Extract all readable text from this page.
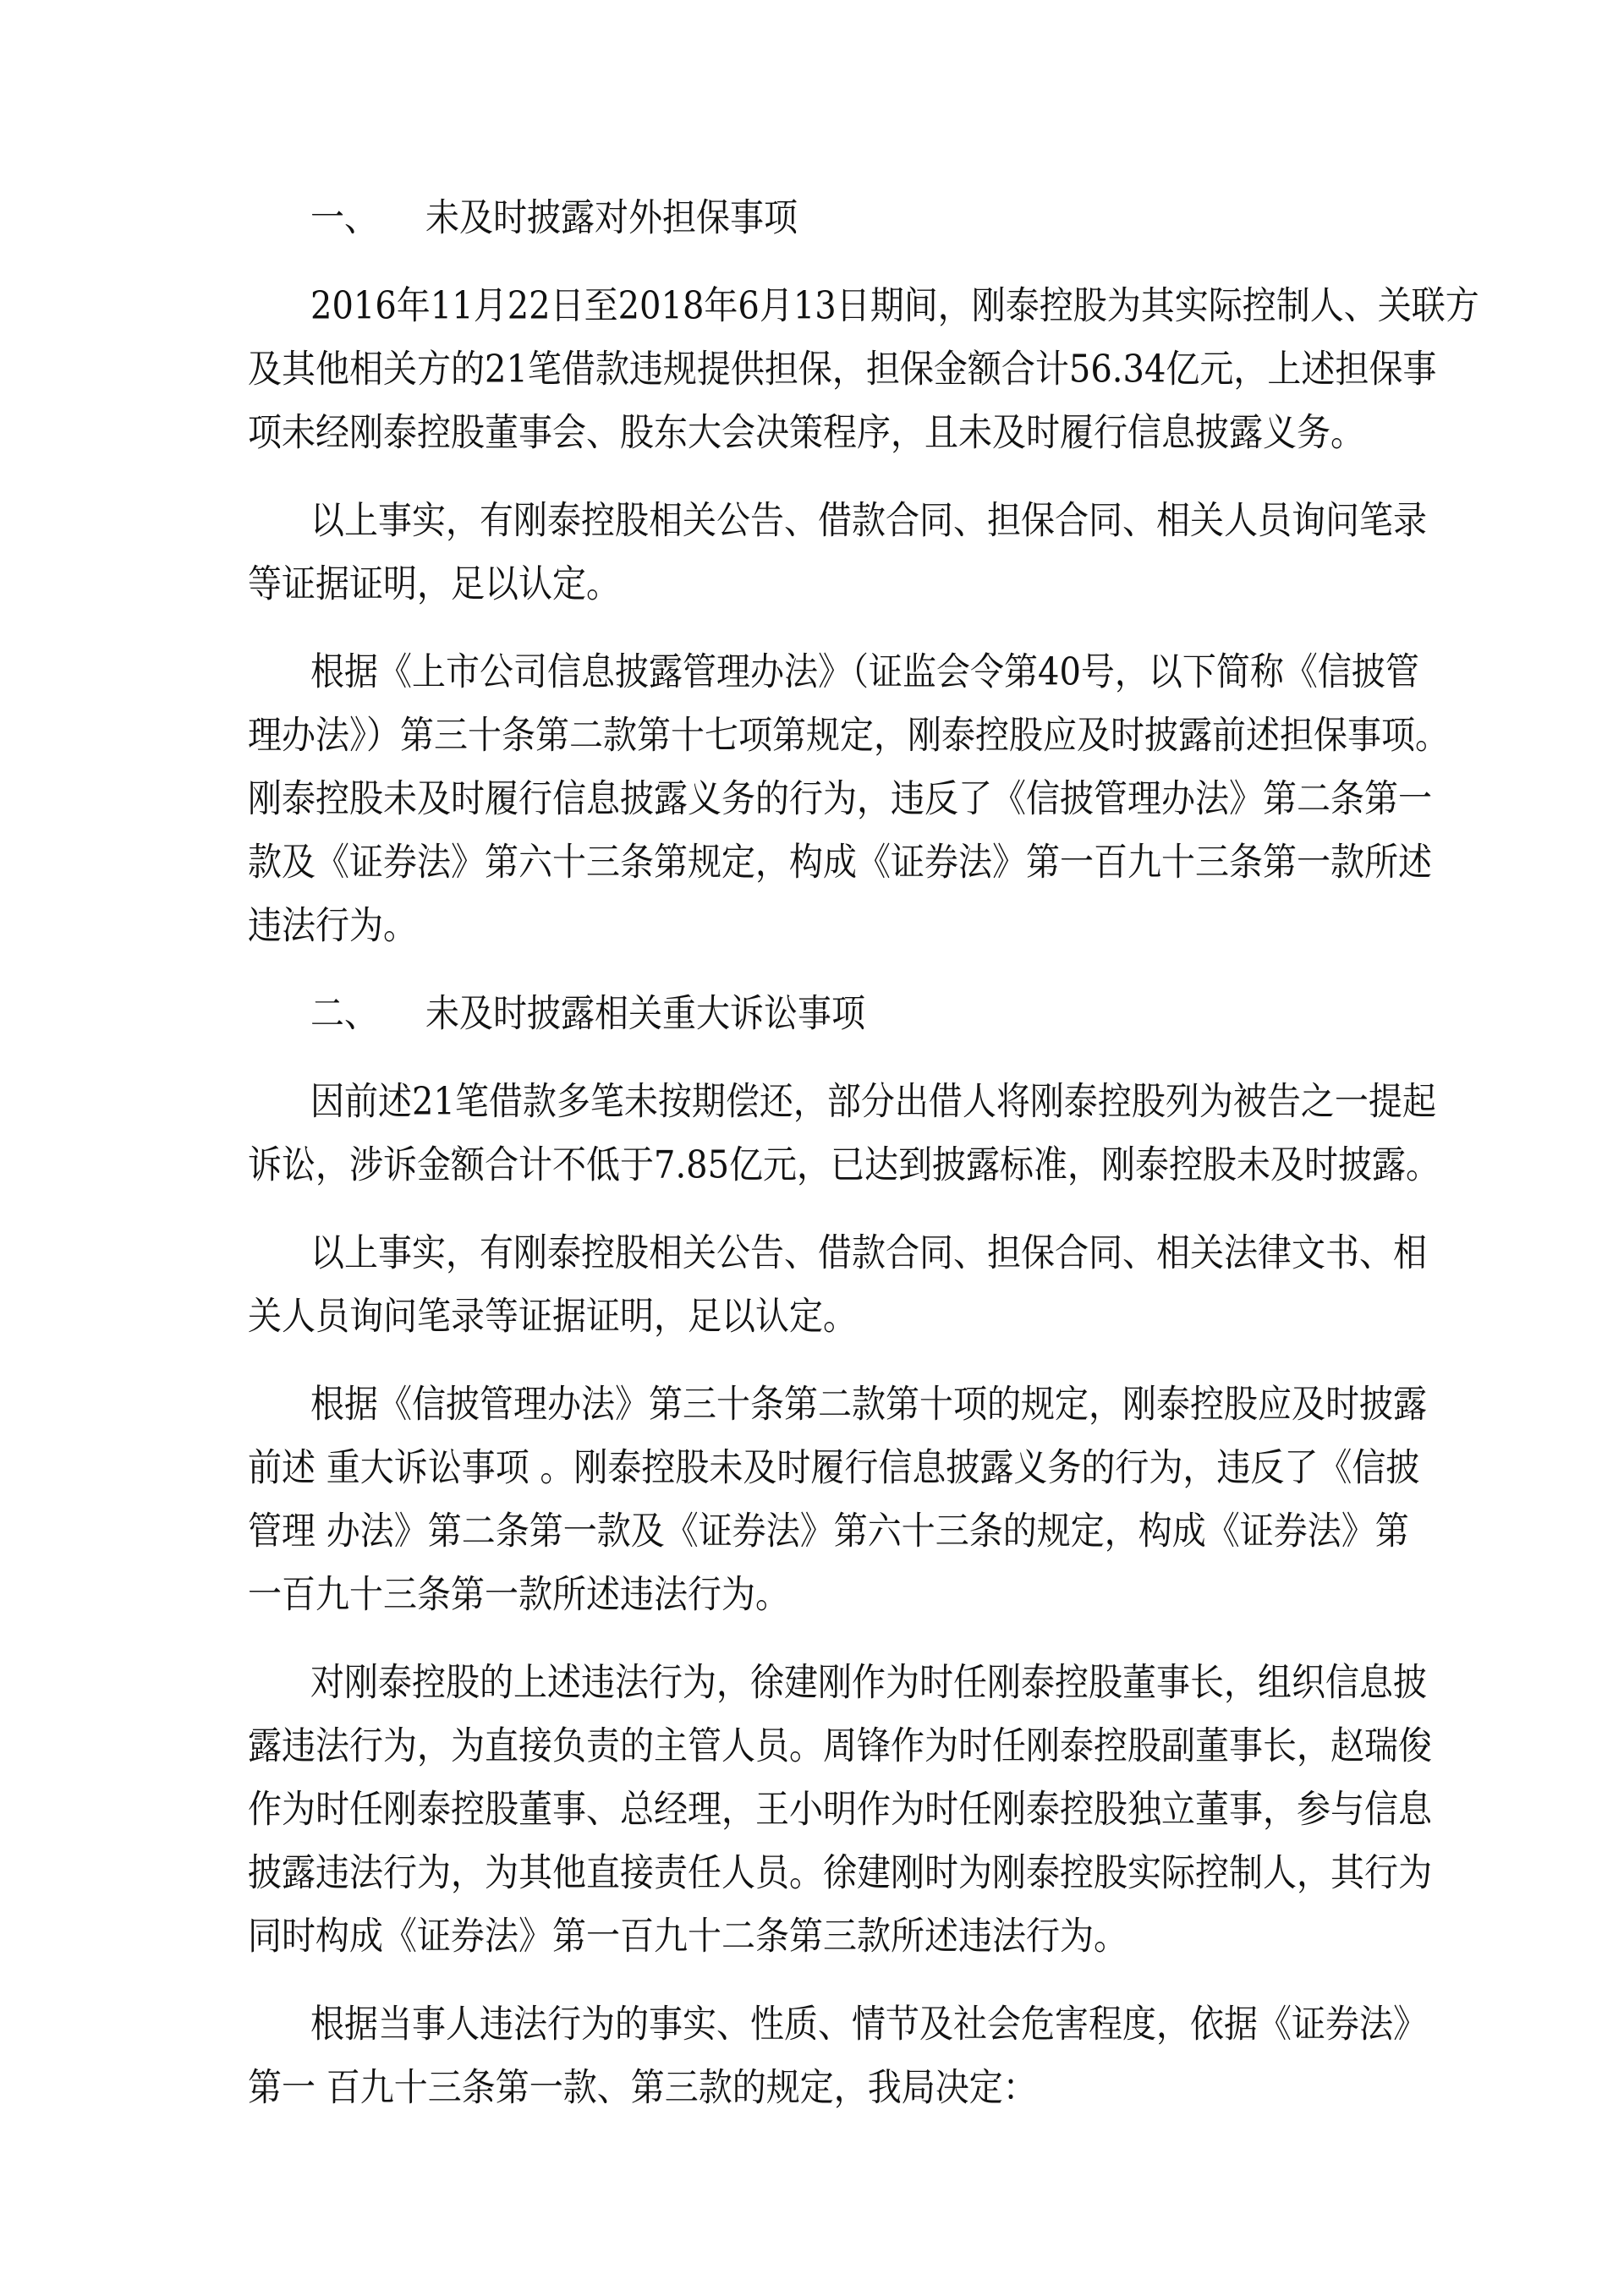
一、	未及时披露对外担保事项
2016年11月22日至2018年6月13日期间，刚泰控股为其实际控制人、关联方
及其他相关方的21笔借款违规提供担保，担保金额合计56.34亿元，上述担保事
项未经刚泰控股董事会、股东大会决策程序，且未及时履行信息披露义务。
以上事实，有刚泰控股相关公告、借款合同、担保合同、相关人员询问笔录
等证据证明，足以认定。
根据《上市公司信息披露管理办法》（证监会令第40号，以下简称《信披管
理办法》）第三十条第二款第十七项第规定，刚泰控股应及时披露前述担保事项。
刚泰控股未及时履行信息披露义务的行为，违反了《信披管理办法》第二条第一
款及《证券法》第六十三条第规定，构成《证券法》第一百九十三条第一款所述
违法行为。
二、	未及时披露相关重大诉讼事项
因前述21笔借款多笔未按期偿还，部分出借人将刚泰控股列为被告之一提起
诉讼，涉诉金额合计不低于7.85亿元，已达到披露标准，刚泰控股未及时披露。
以上事实，有刚泰控股相关公告、借款合同、担保合同、相关法律文书、相
关人员询问笔录等证据证明，足以认定。
根据《信披管理办法》第三十条第二款第十项的规定，刚泰控股应及时披露
前述 重大诉讼事项 。刚泰控股未及时履行信息披露义务的行为，违反了《信披
管理 办法》第二条第一款及《证券法》第六十三条的规定，构成《证券法》第
一百九十三条第一款所述违法行为。
对刚泰控股的上述违法行为，徐建刚作为时任刚泰控股董事长，组织信息披
露违法行为，为直接负责的主管人员。周锋作为时任刚泰控股副董事长，赵瑞俊
作为时任刚泰控股董事、总经理，王小明作为时任刚泰控股独立董事，参与信息
披露违法行为，为其他直接责任人员。徐建刚时为刚泰控股实际控制人，其行为
同时构成《证券法》第一百九十二条第三款所述违法行为。
根据当事人违法行为的事实、性质、情节及社会危害程度，依据《证券法》
第一 百九十三条第一款、第三款的规定，我局决定：
